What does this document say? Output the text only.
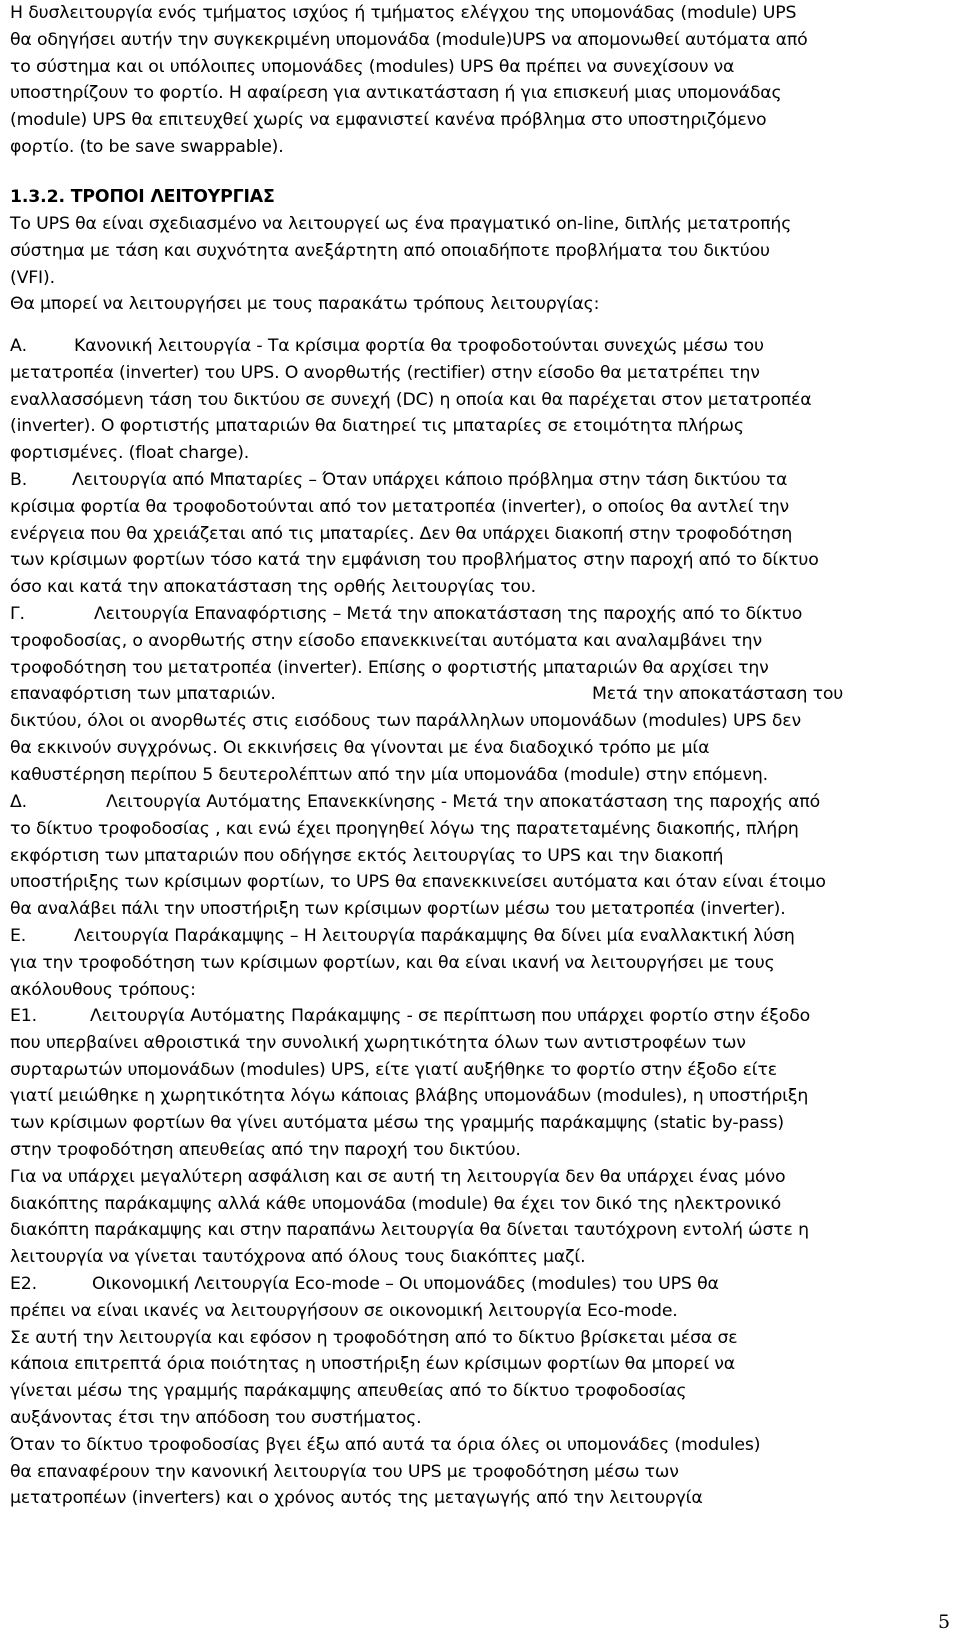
Η δυσλειτουργία ενός τμήματος ισχύος ή τμήματος ελέγχου της υπομονάδας (module) UPS
θα οδηγήσει αυτήν την συγκεκριμένη υπομονάδα (module)UPS να απομονωθεί αυτόματα από
το σύστημα και οι υπόλοιπες υπομονάδες (modules) UPS θα πρέπει να συνεχίσουν να
υποστηρίζουν το φορτίο. Η αφαίρεση για αντικατάσταση ή για επισκευή μιας υπομονάδας
(module) UPS θα επιτευχθεί χωρίς να εμφανιστεί κανένα πρόβλημα στο υποστηριζόμενο
φορτίο. (to be save swappable).
1.3.2. ΤΡΟΠΟΙ ΛΕΙΤΟΥΡΓΙΑΣ
Το UPS θα είναι σχεδιασμένο να λειτουργεί ως ένα πραγματικό on-line, διπλής μετατροπής
σύστημα με τάση και συχνότητα ανεξάρτητη από οποιαδήποτε προβλήματα του δικτύου
(VFI).
Θα μπορεί να λειτουργήσει με τους παρακάτω τρόπους λειτουργίας:
Α.	Κανονική λειτουργία - Τα κρίσιμα φορτία θα τροφοδοτούνται συνεχώς μέσω του
μετατροπέα (inverter) του UPS. Ο ανορθωτής (rectifier) στην είσοδο θα μετατρέπει την
εναλλασσόμενη τάση του δικτύου σε συνεχή (DC) η οποία και θα παρέχεται στον μετατροπέα
(inverter). Ο φορτιστής μπαταριών θα διατηρεί τις μπαταρίες σε ετοιμότητα πλήρως
φορτισμένες. (float charge).
Β.	Λειτουργία από Μπαταρίες – Όταν υπάρχει κάποιο πρόβλημα στην τάση δικτύου τα
κρίσιμα φορτία θα τροφοδοτούνται από τον μετατροπέα (inverter), ο οποίος θα αντλεί την
ενέργεια που θα χρειάζεται από τις μπαταρίες. Δεν θα υπάρχει διακοπή στην τροφοδότηση
των κρίσιμων φορτίων τόσο κατά την εμφάνιση του προβλήματος στην παροχή από το δίκτυο
όσο και κατά την αποκατάσταση της ορθής λειτουργίας του.
Γ.	Λειτουργία Επαναφόρτισης – Μετά την αποκατάσταση της παροχής από το δίκτυο
τροφοδοσίας, ο ανορθωτής στην είσοδο επανεκκινείται αυτόματα και αναλαμβάνει την
τροφοδότηση του μετατροπέα (inverter). Επίσης ο φορτιστής μπαταριών θα αρχίσει την
επαναφόρτιση των μπαταριών.	Μετά την αποκατάσταση του
δικτύου, όλοι οι ανορθωτές στις εισόδους των παράλληλων υπομονάδων (modules) UPS δεν
θα εκκινούν συγχρόνως. Οι εκκινήσεις θα γίνονται με ένα διαδοχικό τρόπο με μία
καθυστέρηση περίπου 5 δευτερολέπτων από την μία υπομονάδα (module) στην επόμενη.
Δ.	Λειτουργία Αυτόματης Επανεκκίνησης - Μετά την αποκατάσταση της παροχής από
το δίκτυο τροφοδοσίας , και ενώ έχει προηγηθεί λόγω της παρατεταμένης διακοπής, πλήρη
εκφόρτιση των μπαταριών που οδήγησε εκτός λειτουργίας το UPS και την διακοπή
υποστήριξης των κρίσιμων φορτίων, το UPS θα επανεκκινείσει αυτόματα και όταν είναι έτοιμο
θα αναλάβει πάλι την υποστήριξη των κρίσιμων φορτίων μέσω του μετατροπέα (inverter).
Ε.	Λειτουργία Παράκαμψης – Η λειτουργία παράκαμψης θα δίνει μία εναλλακτική λύση
για την τροφοδότηση των κρίσιμων φορτίων, και θα είναι ικανή να λειτουργήσει με τους
ακόλουθους τρόπους:
Ε1.	Λειτουργία Αυτόματης Παράκαμψης - σε περίπτωση που υπάρχει φορτίο στην έξοδο
που υπερβαίνει αθροιστικά την συνολική χωρητικότητα όλων των αντιστροφέων των
συρταρωτών υπομονάδων (modules) UPS, είτε γιατί αυξήθηκε το φορτίο στην έξοδο είτε
γιατί μειώθηκε η χωρητικότητα λόγω κάποιας βλάβης υπομονάδων (modules), η υποστήριξη
των κρίσιμων φορτίων θα γίνει αυτόματα μέσω της γραμμής παράκαμψης (static by-pass)
στην τροφοδότηση απευθείας από την παροχή του δικτύου.
Για να υπάρχει μεγαλύτερη ασφάλιση και σε αυτή τη λειτουργία δεν θα υπάρχει ένας μόνο
διακόπτης παράκαμψης αλλά κάθε υπομονάδα (module) θα έχει τον δικό της ηλεκτρονικό
διακόπτη παράκαμψης και στην παραπάνω λειτουργία θα δίνεται ταυτόχρονη εντολή ώστε η
λειτουργία να γίνεται ταυτόχρονα από όλους τους διακόπτες μαζί.
Ε2.	Οικονομική Λειτουργία Eco-mode – Οι υπομονάδες (modules) του UPS θα
πρέπει να είναι ικανές να λειτουργήσουν σε οικονομική λειτουργία Eco-mode.
Σε αυτή την λειτουργία και εφόσον η τροφοδότηση από το δίκτυο βρίσκεται μέσα σε
κάποια επιτρεπτά όρια ποιότητας η υποστήριξη έων κρίσιμων φορτίων θα μπορεί να
γίνεται μέσω της γραμμής παράκαμψης απευθείας από το δίκτυο τροφοδοσίας
αυξάνοντας έτσι την απόδοση του συστήματος.
Όταν το δίκτυο τροφοδοσίας βγει έξω από αυτά τα όρια όλες οι υπομονάδες (modules)
θα επαναφέρουν την κανονική λειτουργία του UPS με τροφοδότηση μέσω των
μετατροπέων (inverters) και ο χρόνος αυτός της μεταγωγής από την λειτουργία
5
